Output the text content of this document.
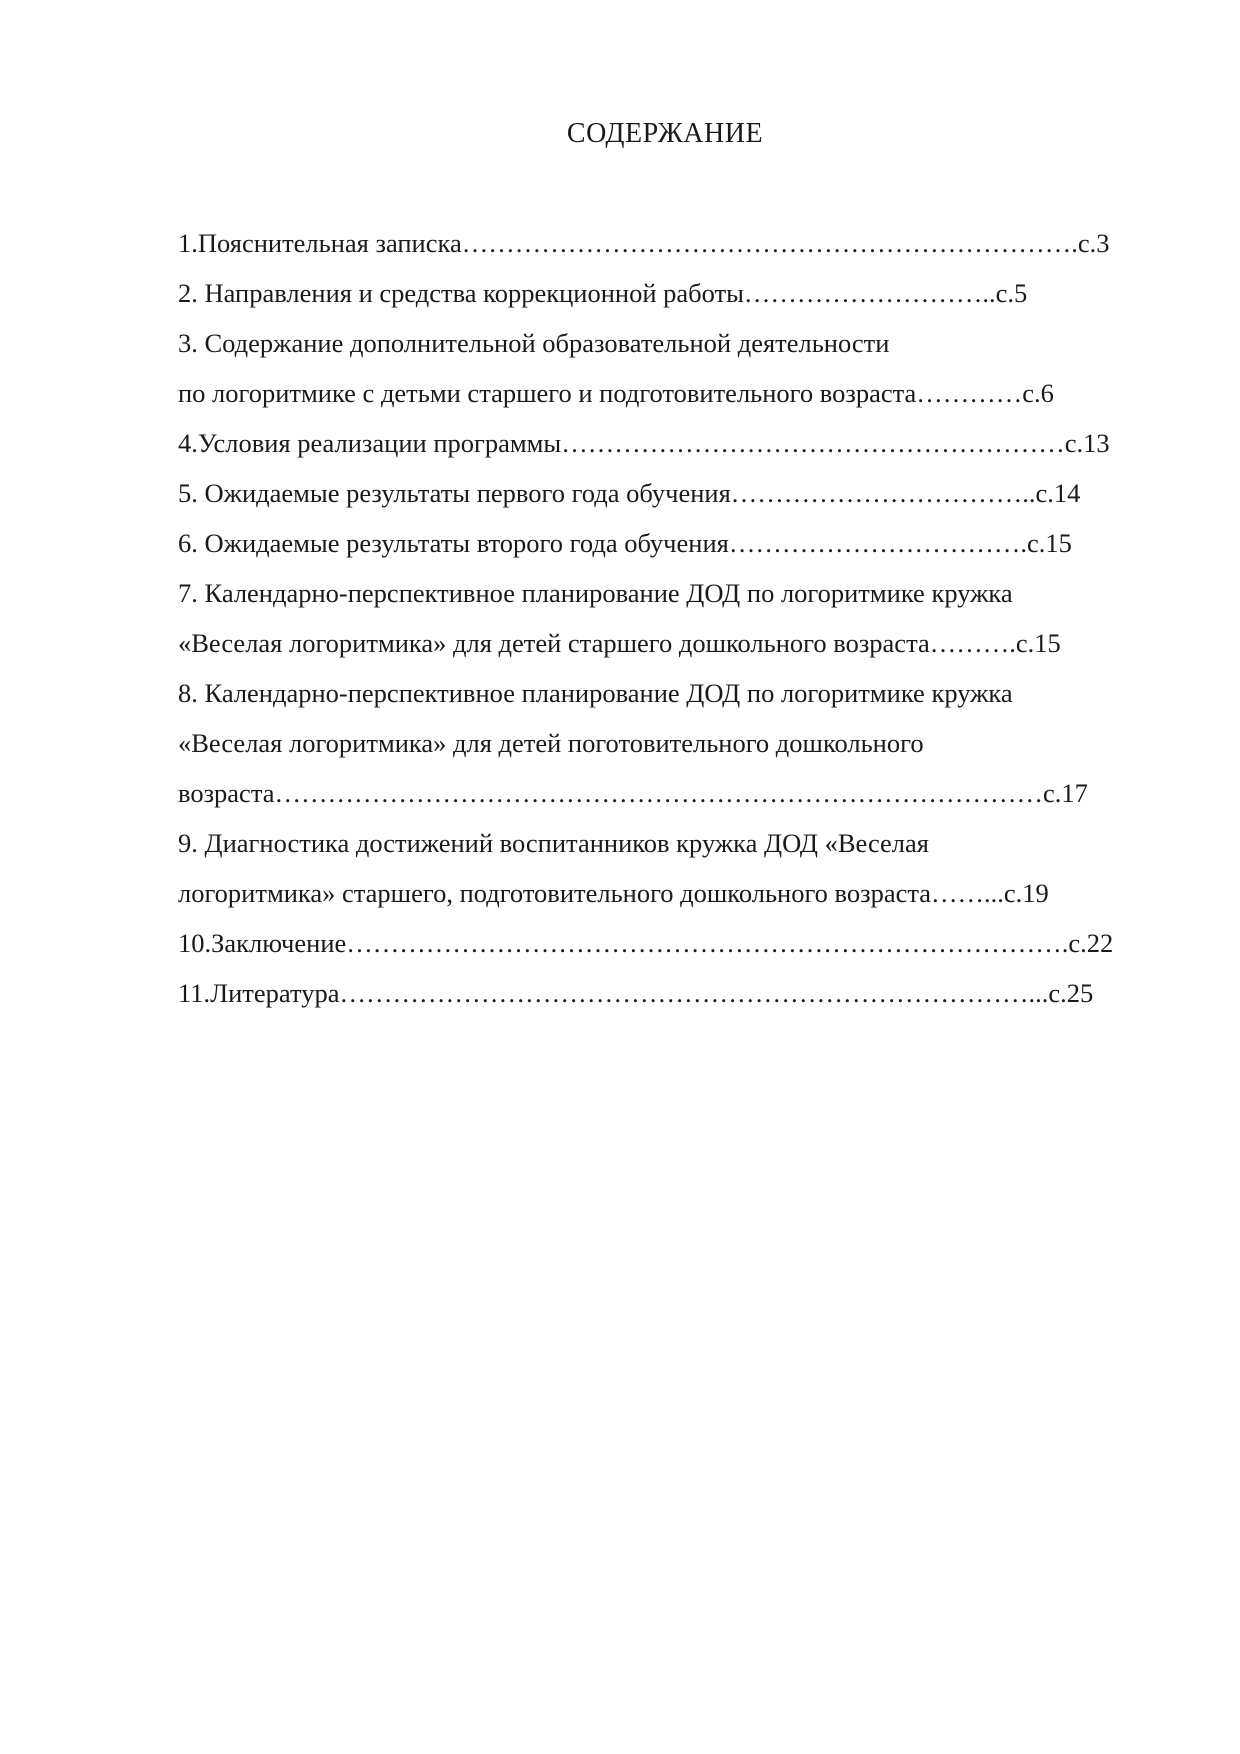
СОДЕРЖАНИЕ
1.Пояснительная записка…………………………………………………………….с.3
2. Направления и средства коррекционной работы………………………..с.5
3. Содержание дополнительной образовательной деятельности
по логоритмике с детьми старшего и подготовительного возраста…………с.6
4.Условия реализации программы…………………………………………………с.13
5. Ожидаемые результаты первого года обучения……………………………..с.14
6. Ожидаемые результаты второго года обучения…………………………….с.15
7. Календарно-перспективное планирование ДОД по логоритмике кружка
«Веселая логоритмика» для детей старшего дошкольного возраста……….с.15
8. Календарно-перспективное планирование ДОД по логоритмике кружка
«Веселая логоритмика» для детей поготовительного дошкольного
возраста……………………………………………………………………………с.17
9. Диагностика достижений воспитанников кружка ДОД «Веселая
логоритмика» старшего, подготовительного дошкольного возраста……...с.19
10.Заключение……………………………………………………………………….с.22
11.Литература……………………………………………………………………...с.25
